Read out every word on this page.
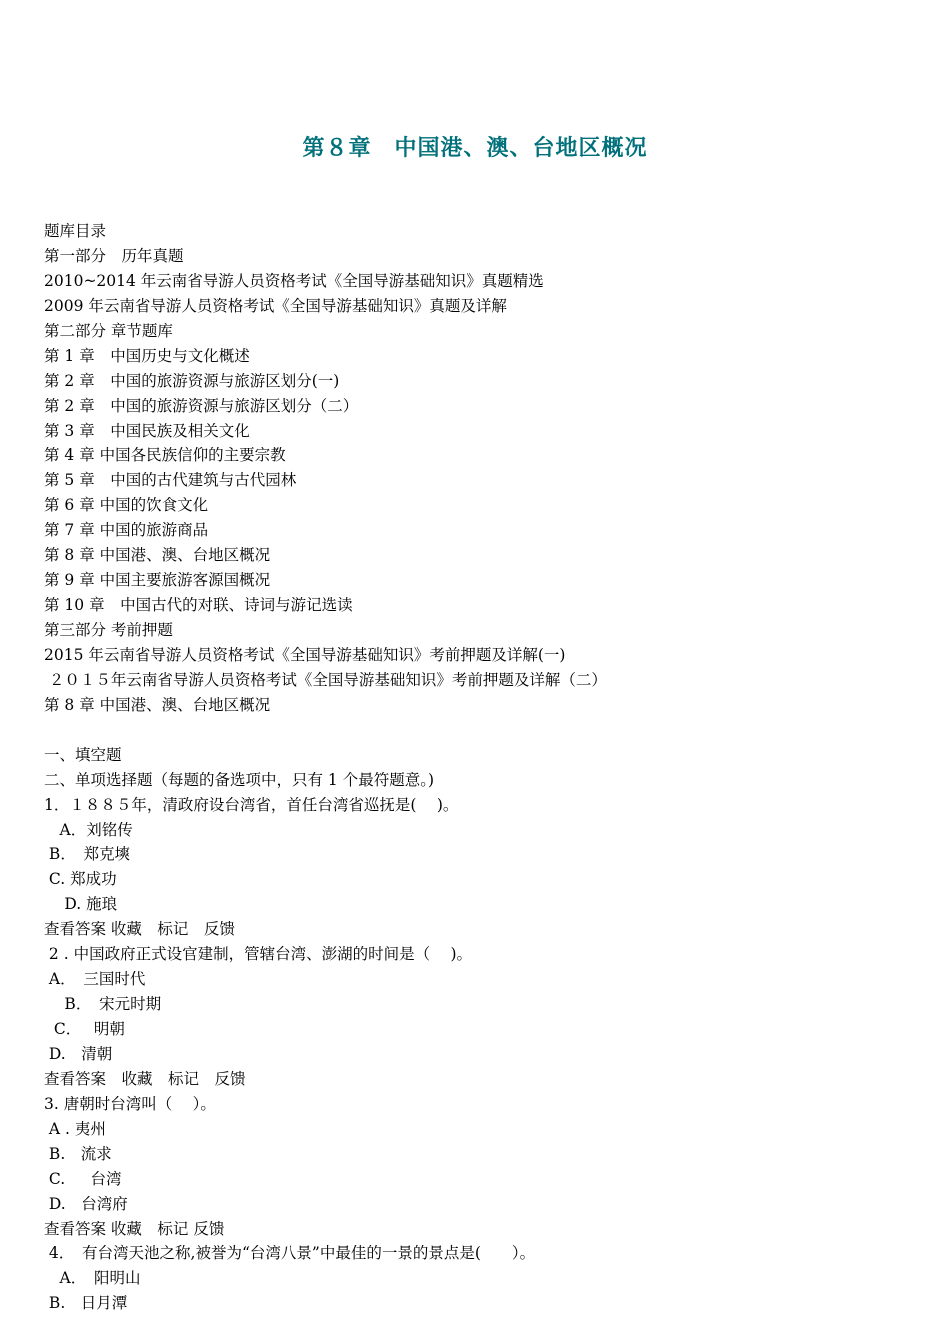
第８章　中国港、澳、台地区概况
题库目录
第一部分　历年真题
2010~2014 年云南省导游人员资格考试《全国导游基础知识》真题精选
2009 年云南省导游人员资格考试《全国导游基础知识》真题及详解
第二部分 章节题库
第 1 章　中国历史与文化概述
第 2 章　中国的旅游资源与旅游区划分(一)
第 2 章　中国的旅游资源与旅游区划分（二）
第 3 章　中国民族及相关文化
第 4 章 中国各民族信仰的主要宗教
第 5 章　中国的古代建筑与古代园林
第 6 章 中国的饮食文化
第 7 章 中国的旅游商品
第 8 章 中国港、澳、台地区概况
第 9 章 中国主要旅游客源国概况
第 10 章　中国古代的对联、诗词与游记选读
第三部分 考前押题
2015 年云南省导游人员资格考试《全国导游基础知识》考前押题及详解(一)
２０１５年云南省导游人员资格考试《全国导游基础知识》考前押题及详解（二）
第 8 章 中国港、澳、台地区概况
一、填空题
二、单项选择题（每题的备选项中，只有 1 个最符题意。)
1．１８８５年，清政府设台湾省，首任台湾省巡抚是(　 )。
　A．刘铭传
B．　郑克塽
C. 郑成功
　 D. 施琅
查看答案 收藏　标记　反馈
2 . 中国政府正式设官建制，管辖台湾、澎湖的时间是（　 )。
A．　三国时代
　 B．　宋元时期
C．　 明朝
D.　清朝
查看答案　收藏　标记　反馈
3. 唐朝时台湾叫（　 ）。
A . 夷州
B.　流求
C.　  台湾
D.　台湾府
查看答案 收藏　标记 反馈
4．　有台湾天池之称,被誉为“台湾八景”中最佳的一景的景点是(　　）。
　A．　阳明山
B.　日月潭
